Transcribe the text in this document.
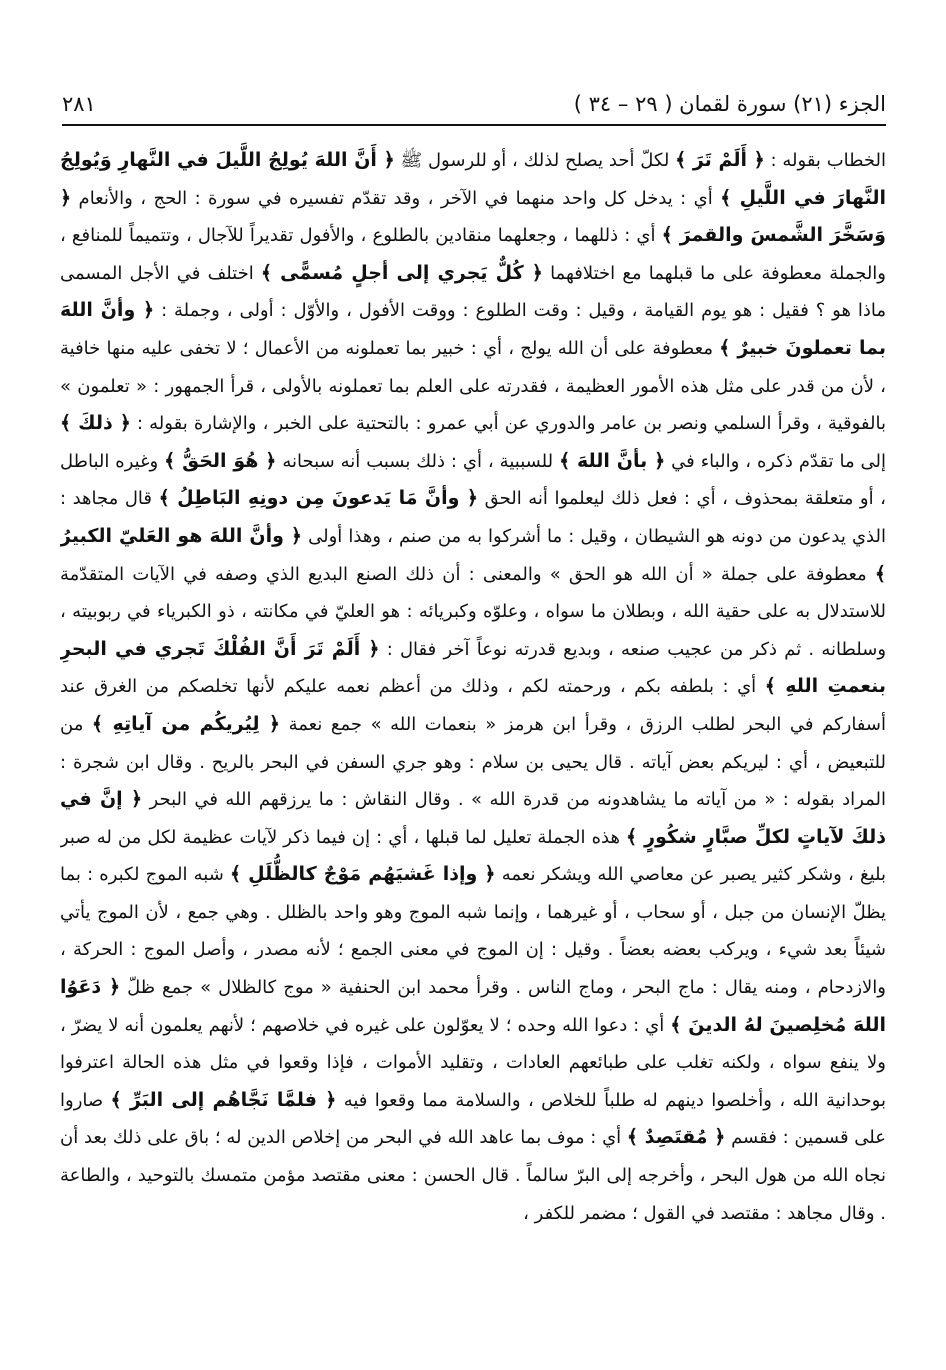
الجزء (٢١) سورة لقمان ( ٢٩ – ٣٤ )
٢٨١

الخطاب بقوله : ﴿ أَلَمْ تَرَ ﴾ لكلّ أحد يصلح لذلك ، أو للرسول ﷺ ﴿ أَنَّ اللهَ يُولِجُ اللَّيلَ في النَّهارِ وَيُولِجُ النَّهارَ في اللَّيلِ ﴾ أي : يدخل كل واحد منهما في الآخر ، وقد تقدّم تفسيره في سورة : الحج ، والأنعام ﴿ وَسَخَّرَ الشَّمسَ والقمرَ ﴾ أي : ذللهما ، وجعلهما منقادين بالطلوع ، والأفول تقديراً للآجال ، وتتميماً للمنافع ، والجملة معطوفة على ما قبلهما مع اختلافهما ﴿ كُلٌّ يَجري إلى أجلٍ مُسمًّى ﴾ اختلف في الأجل المسمى ماذا هو ؟ فقيل : هو يوم القيامة ، وقيل : وقت الطلوع : ووقت الأفول ، والأوّل : أولى ، وجملة : ﴿ وأنَّ اللهَ بما تعملونَ خبيرٌ ﴾ معطوفة على أن الله يولج ، أي : خبير بما تعملونه من الأعمال ؛ لا تخفى عليه منها خافية ، لأن من قدر على مثل هذه الأمور العظيمة ، فقدرته على العلم بما تعملونه بالأولى ، قرأ الجمهور : « تعلمون » بالفوقية ، وقرأ السلمي ونصر بن عامر والدوري عن أبي عمرو : بالتحتية على الخبر ، والإشارة بقوله : ﴿ ذلكَ ﴾ إلى ما تقدّم ذكره ، والباء في ﴿ بأنَّ اللهَ ﴾ للسببية ، أي : ذلك بسبب أنه سبحانه ﴿ هُوَ الحَقُّ ﴾ وغيره الباطل ، أو متعلقة بمحذوف ، أي : فعل ذلك ليعلموا أنه الحق ﴿ وأنَّ مَا يَدعونَ مِن دونِهِ البَاطِلُ ﴾ قال مجاهد : الذي يدعون من دونه هو الشيطان ، وقيل : ما أشركوا به من صنم ، وهذا أولى ﴿ وأنَّ اللهَ هو العَليّ الكبيرُ ﴾ معطوفة على جملة « أن الله هو الحق » والمعنى : أن ذلك الصنع البديع الذي وصفه في الآيات المتقدّمة للاستدلال به على حقية الله ، وبطلان ما سواه ، وعلوّه وكبريائه : هو العليّ في مكانته ، ذو الكبرياء في ربوبيته ، وسلطانه . ثم ذكر من عجيب صنعه ، وبديع قدرته نوعاً آخر فقال : ﴿ أَلَمْ تَرَ أَنَّ الفُلْكَ تَجري في البحرِ بنعمتِ اللهِ ﴾ أي : بلطفه بكم ، ورحمته لكم ، وذلك من أعظم نعمه عليكم لأنها تخلصكم من الغرق عند أسفاركم في البحر لطلب الرزق ، وقرأ ابن هرمز « بنعمات الله » جمع نعمة ﴿ لِيُريكُم من آياتِهِ ﴾ من للتبعيض ، أي : ليريكم بعض آياته . قال يحيى بن سلام : وهو جري السفن في البحر بالريح . وقال ابن شجرة : المراد بقوله : « من آياته ما يشاهدونه من قدرة الله » . وقال النقاش : ما يرزقهم الله في البحر ﴿ إنَّ في ذلكَ لآياتٍ لكلِّ صبَّارٍ شكُورٍ ﴾ هذه الجملة تعليل لما قبلها ، أي : إن فيما ذكر لآيات عظيمة لكل من له صبر بليغ ، وشكر كثير يصبر عن معاصي الله ويشكر نعمه ﴿ وإذا غَشيَهُم مَوْجٌ كالظُّلَلِ ﴾ شبه الموج لكبره : بما يظلّ الإنسان من جبل ، أو سحاب ، أو غيرهما ، وإنما شبه الموج وهو واحد بالظلل . وهي جمع ، لأن الموج يأتي شيئاً بعد شيء ، ويركب بعضه بعضاً . وقيل : إن الموج في معنى الجمع ؛ لأنه مصدر ، وأصل الموج : الحركة ، والازدحام ، ومنه يقال : ماج البحر ، وماج الناس . وقرأ محمد ابن الحنفية « موج كالظلال » جمع ظلّ ﴿ دَعَوُا اللهَ مُخلِصينَ لهُ الدينَ ﴾ أي : دعوا الله وحده ؛ لا يعوّلون على غيره في خلاصهم ؛ لأنهم يعلمون أنه لا يضرّ ، ولا ينفع سواه ، ولكنه تغلب على طبائعهم العادات ، وتقليد الأموات ، فإذا وقعوا في مثل هذه الحالة اعترفوا بوحدانية الله ، وأخلصوا دينهم له طلباً للخلاص ، والسلامة مما وقعوا فيه ﴿ فلمَّا نَجَّاهُم إلى البَرِّ ﴾ صاروا على قسمين : فقسم ﴿ مُقتَصِدٌ ﴾ أي : موف بما عاهد الله في البحر من إخلاص الدين له ؛ باق على ذلك بعد أن نجاه الله من هول البحر ، وأخرجه إلى البرّ سالماً . قال الحسن : معنى مقتصد مؤمن متمسك بالتوحيد ، والطاعة . وقال مجاهد : مقتصد في القول ؛ مضمر للكفر ،
